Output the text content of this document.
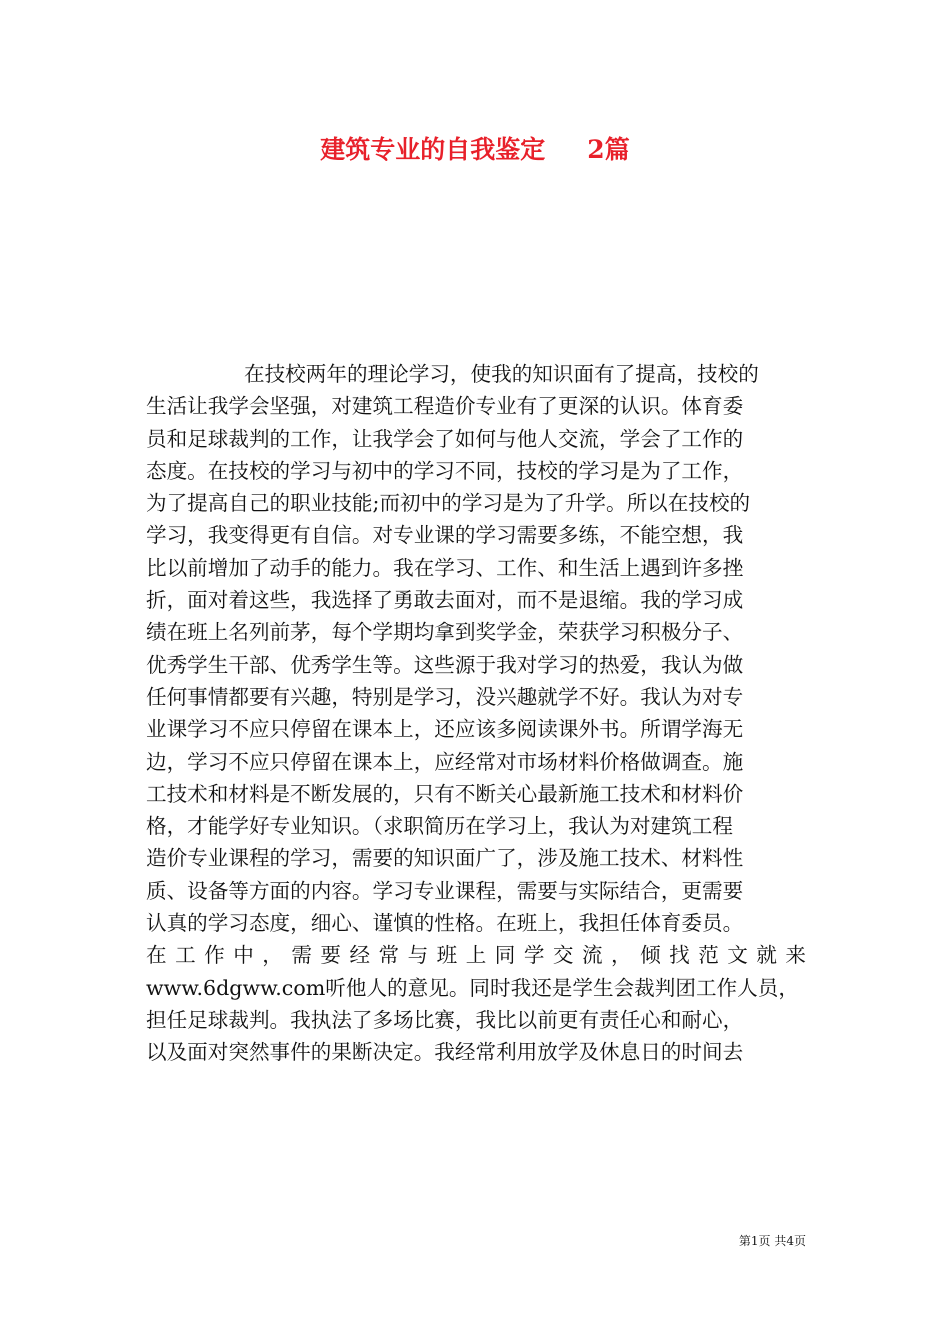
建筑专业的自我鉴定 2篇
在技校两年的理论学习，使我的知识面有了提高，技校的
生活让我学会坚强，对建筑工程造价专业有了更深的认识。体育委
员和足球裁判的工作，让我学会了如何与他人交流，学会了工作的
态度。在技校的学习与初中的学习不同，技校的学习是为了工作，
为了提高自己的职业技能;而初中的学习是为了升学。所以在技校的
学习，我变得更有自信。对专业课的学习需要多练，不能空想，我
比以前增加了动手的能力。我在学习、工作、和生活上遇到许多挫
折，面对着这些，我选择了勇敢去面对，而不是退缩。我的学习成
绩在班上名列前茅，每个学期均拿到奖学金，荣获学习积极分子、
优秀学生干部、优秀学生等。这些源于我对学习的热爱，我认为做
任何事情都要有兴趣，特别是学习，没兴趣就学不好。我认为对专
业课学习不应只停留在课本上，还应该多阅读课外书。所谓学海无
边，学习不应只停留在课本上，应经常对市场材料价格做调查。施
工技术和材料是不断发展的，只有不断关心最新施工技术和材料价
格，才能学好专业知识。（求职简历在学习上，我认为对建筑工程
造价专业课程的学习，需要的知识面广了，涉及施工技术、材料性
质、设备等方面的内容。学习专业课程，需要与实际结合，更需要
认真的学习态度，细心、谨慎的性格。在班上，我担任体育委员。
在工作中，需要经常与班上同学交流，倾找范文就来
www.6dgww.com听他人的意见。同时我还是学生会裁判团工作人员，
担任足球裁判。我执法了多场比赛，我比以前更有责任心和耐心，
以及面对突然事件的果断决定。我经常利用放学及休息日的时间去
第1页 共4页
